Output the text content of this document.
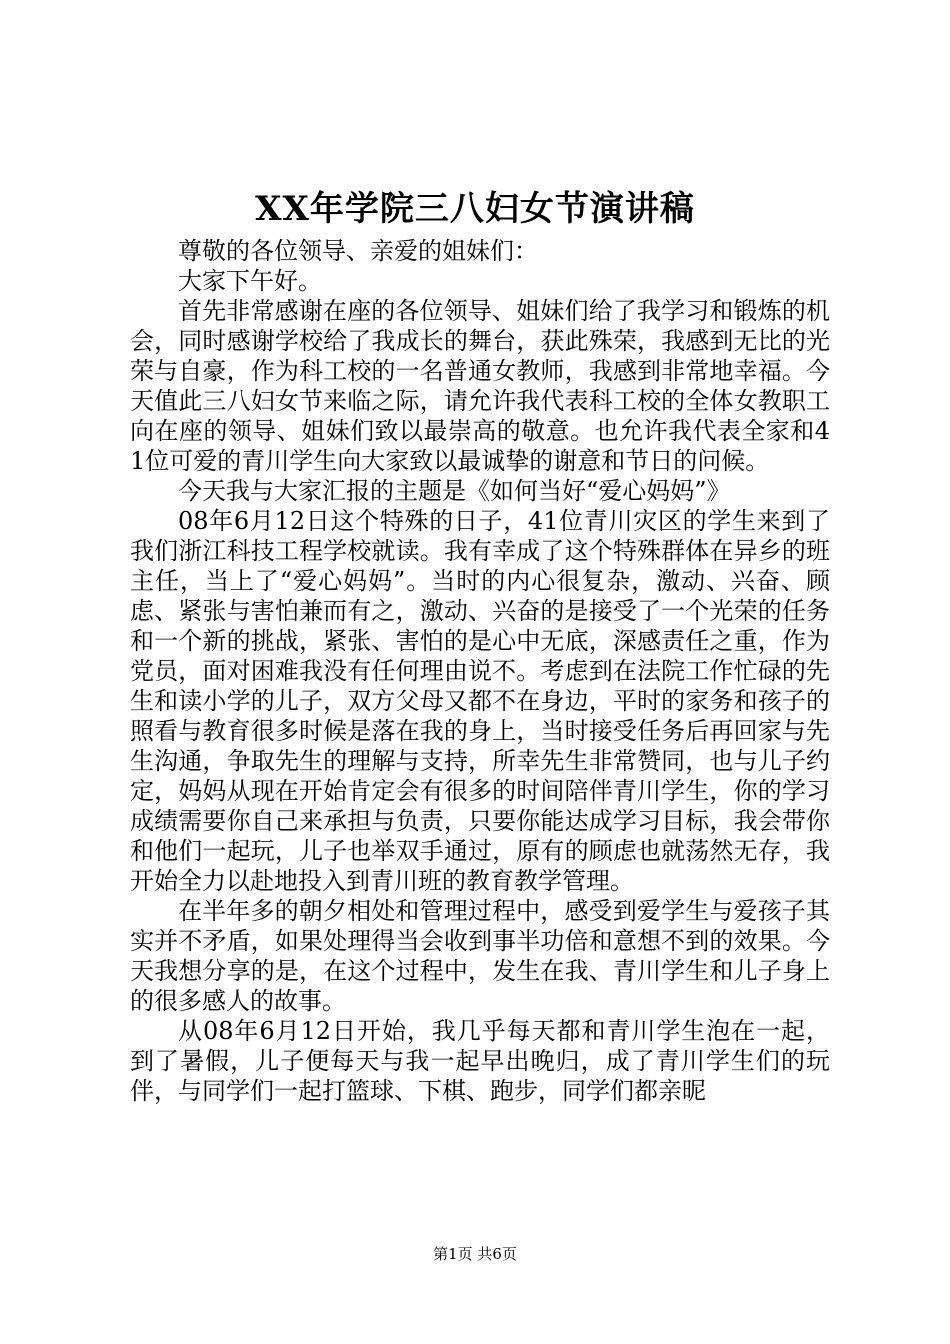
XX年学院三八妇女节演讲稿

尊敬的各位领导、亲爱的姐妹们：

大家下午好。

首先非常感谢在座的各位领导、姐妹们给了我学习和锻炼的机会，同时感谢学校给了我成长的舞台，获此殊荣，我感到无比的光荣与自豪，作为科工校的一名普通女教师，我感到非常地幸福。今天值此三八妇女节来临之际，请允许我代表科工校的全体女教职工向在座的领导、姐妹们致以最崇高的敬意。也允许我代表全家和41位可爱的青川学生向大家致以最诚挚的谢意和节日的问候。

今天我与大家汇报的主题是《如何当好“爱心妈妈”》

08年6月12日这个特殊的日子，41位青川灾区的学生来到了我们浙江科技工程学校就读。我有幸成了这个特殊群体在异乡的班主任，当上了“爱心妈妈”。当时的内心很复杂，激动、兴奋、顾虑、紧张与害怕兼而有之，激动、兴奋的是接受了一个光荣的任务和一个新的挑战，紧张、害怕的是心中无底，深感责任之重，作为党员，面对困难我没有任何理由说不。考虑到在法院工作忙碌的先生和读小学的儿子，双方父母又都不在身边，平时的家务和孩子的照看与教育很多时候是落在我的身上，当时接受任务后再回家与先生沟通，争取先生的理解与支持，所幸先生非常赞同，也与儿子约定，妈妈从现在开始肯定会有很多的时间陪伴青川学生，你的学习成绩需要你自己来承担与负责，只要你能达成学习目标，我会带你和他们一起玩，儿子也举双手通过，原有的顾虑也就荡然无存，我开始全力以赴地投入到青川班的教育教学管理。

在半年多的朝夕相处和管理过程中，感受到爱学生与爱孩子其实并不矛盾，如果处理得当会收到事半功倍和意想不到的效果。今天我想分享的是，在这个过程中，发生在我、青川学生和儿子身上的很多感人的故事。

从08年6月12日开始，我几乎每天都和青川学生泡在一起，到了暑假，儿子便每天与我一起早出晚归，成了青川学生们的玩伴，与同学们一起打篮球、下棋、跑步，同学们都亲昵

第1页 共6页
